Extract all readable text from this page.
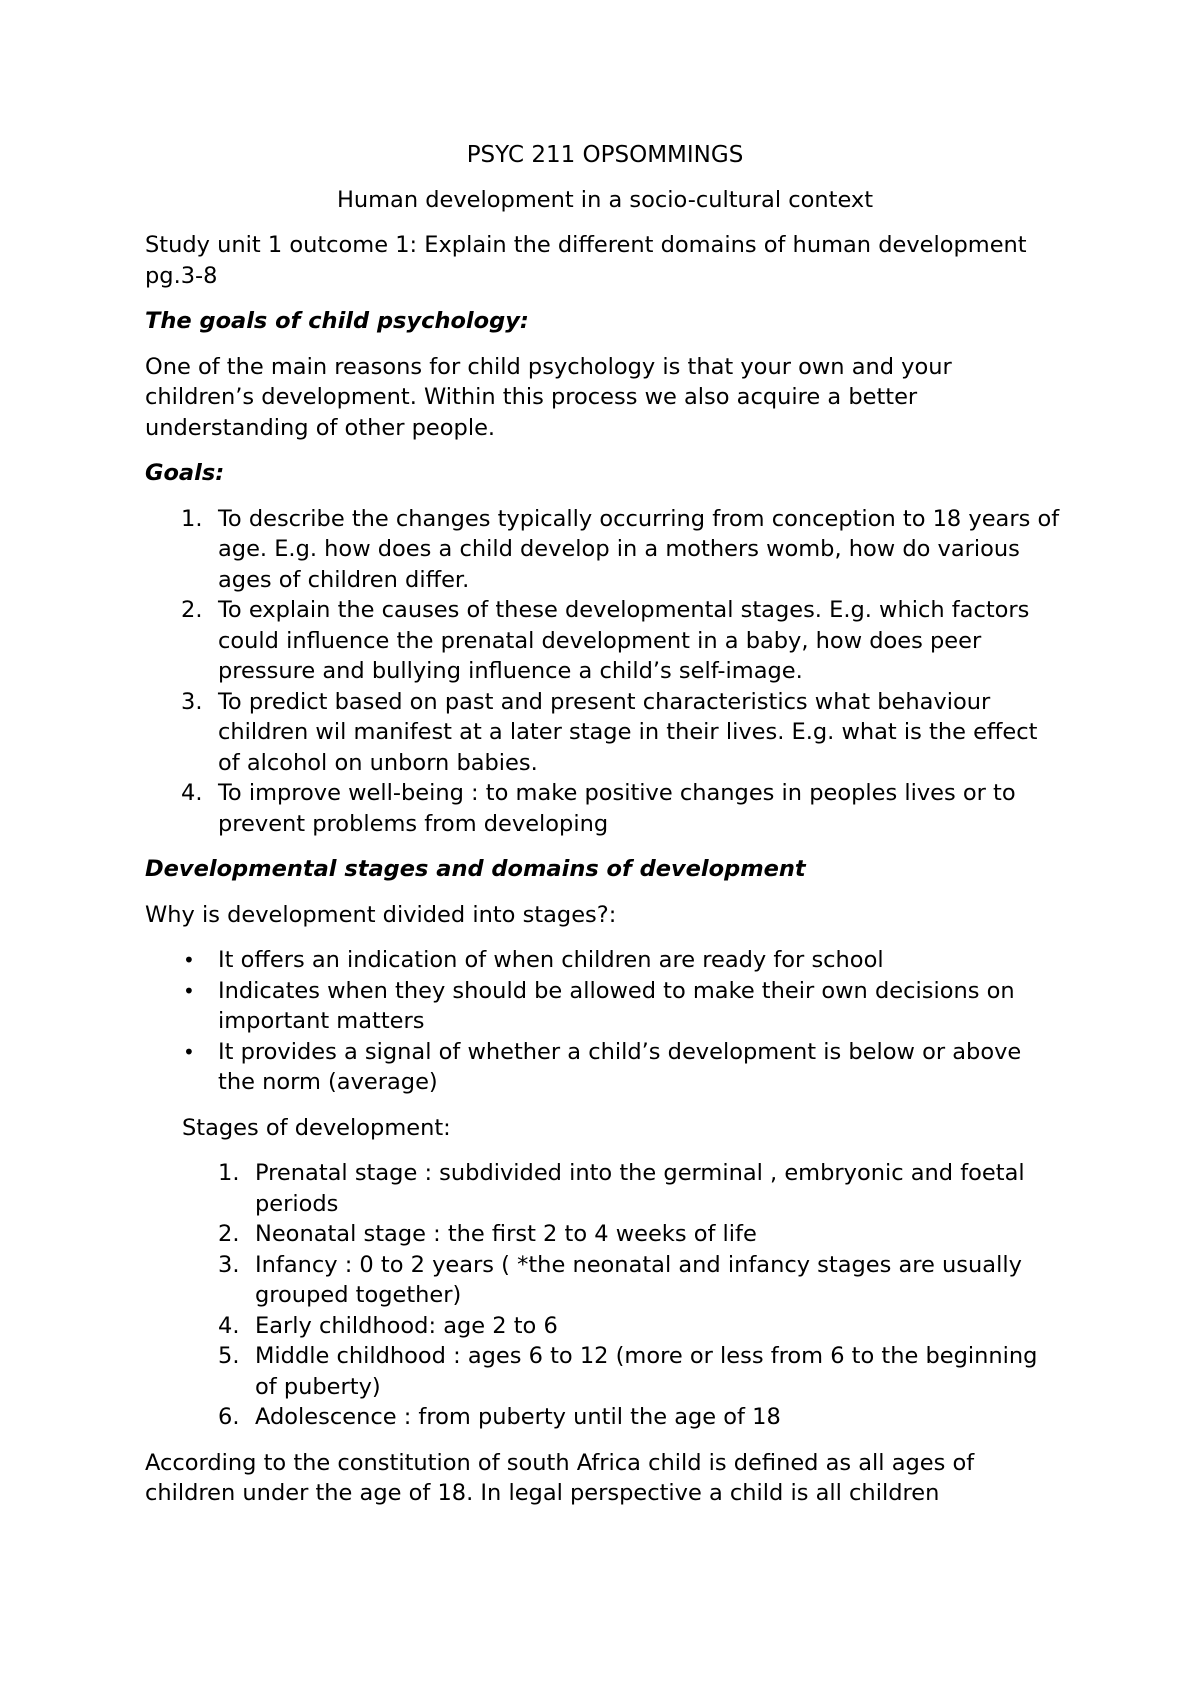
PSYC 211 OPSOMMINGS

Human development in a socio-cultural context

Study unit 1 outcome 1: Explain the different domains of human development pg.3-8

The goals of child psychology:

One of the main reasons for child psychology is that your own and your children’s development. Within this process we also acquire a better understanding of other people.

Goals:

1. To describe the changes typically occurring from conception to 18 years of age. E.g. how does a child develop in a mothers womb, how do various ages of children differ.
2. To explain the causes of these developmental stages. E.g. which factors could influence the prenatal development in a baby, how does peer pressure and bullying influence a child’s self-image.
3. To predict based on past and present characteristics what behaviour children wil manifest at a later stage in their lives. E.g. what is the effect of alcohol on unborn babies.
4. To improve well-being : to make positive changes in peoples lives or to prevent problems from developing

Developmental stages and domains of development

Why is development divided into stages?:

• It offers an indication of when children are ready for school
• Indicates when they should be allowed to make their own decisions on important matters
• It provides a signal of whether a child’s development is below or above the norm (average)

Stages of development:

1. Prenatal stage : subdivided into the germinal , embryonic and foetal periods
2. Neonatal stage : the first 2 to 4 weeks of life
3. Infancy : 0 to 2 years ( *the neonatal and infancy stages are usually grouped together)
4. Early childhood: age 2 to 6
5. Middle childhood : ages 6 to 12 (more or less from 6 to the beginning of puberty)
6. Adolescence : from puberty until the age of 18

According to the constitution of south Africa child is defined as all ages of children under the age of 18. In legal perspective a child is all children
